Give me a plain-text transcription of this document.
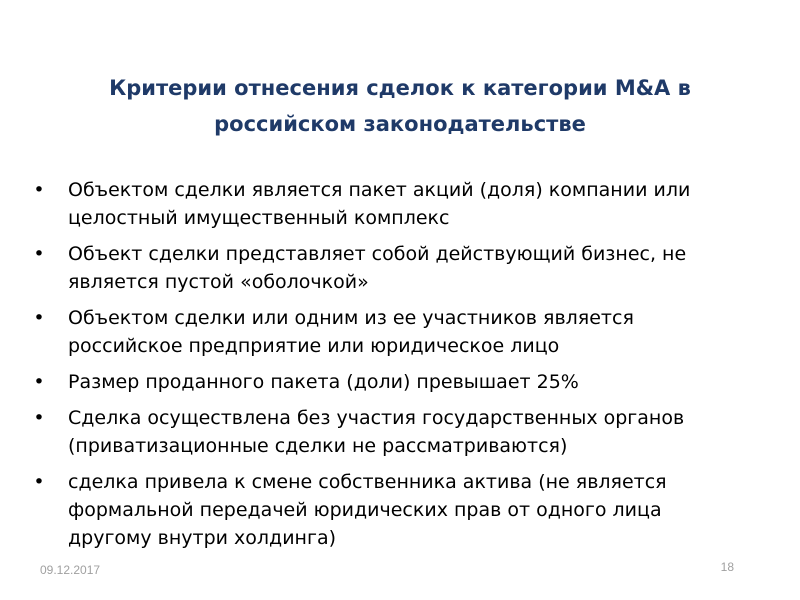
Критерии отнесения сделок к категории M&A в
российском законодательстве
• Объектом сделки является пакет акций (доля) компании или целостный имущественный комплекс
• Объект сделки представляет собой действующий бизнес, не является пустой «оболочкой»
• Объектом сделки или одним из ее участников является российское предприятие или юридическое лицо
• Размер проданного пакета (доли) превышает 25%
• Сделка осуществлена без участия государственных органов (приватизационные сделки не рассматриваются)
• сделка привела к смене собственника актива (не является формальной передачей юридических прав от одного лица другому внутри холдинга)
09.12.2017	18
